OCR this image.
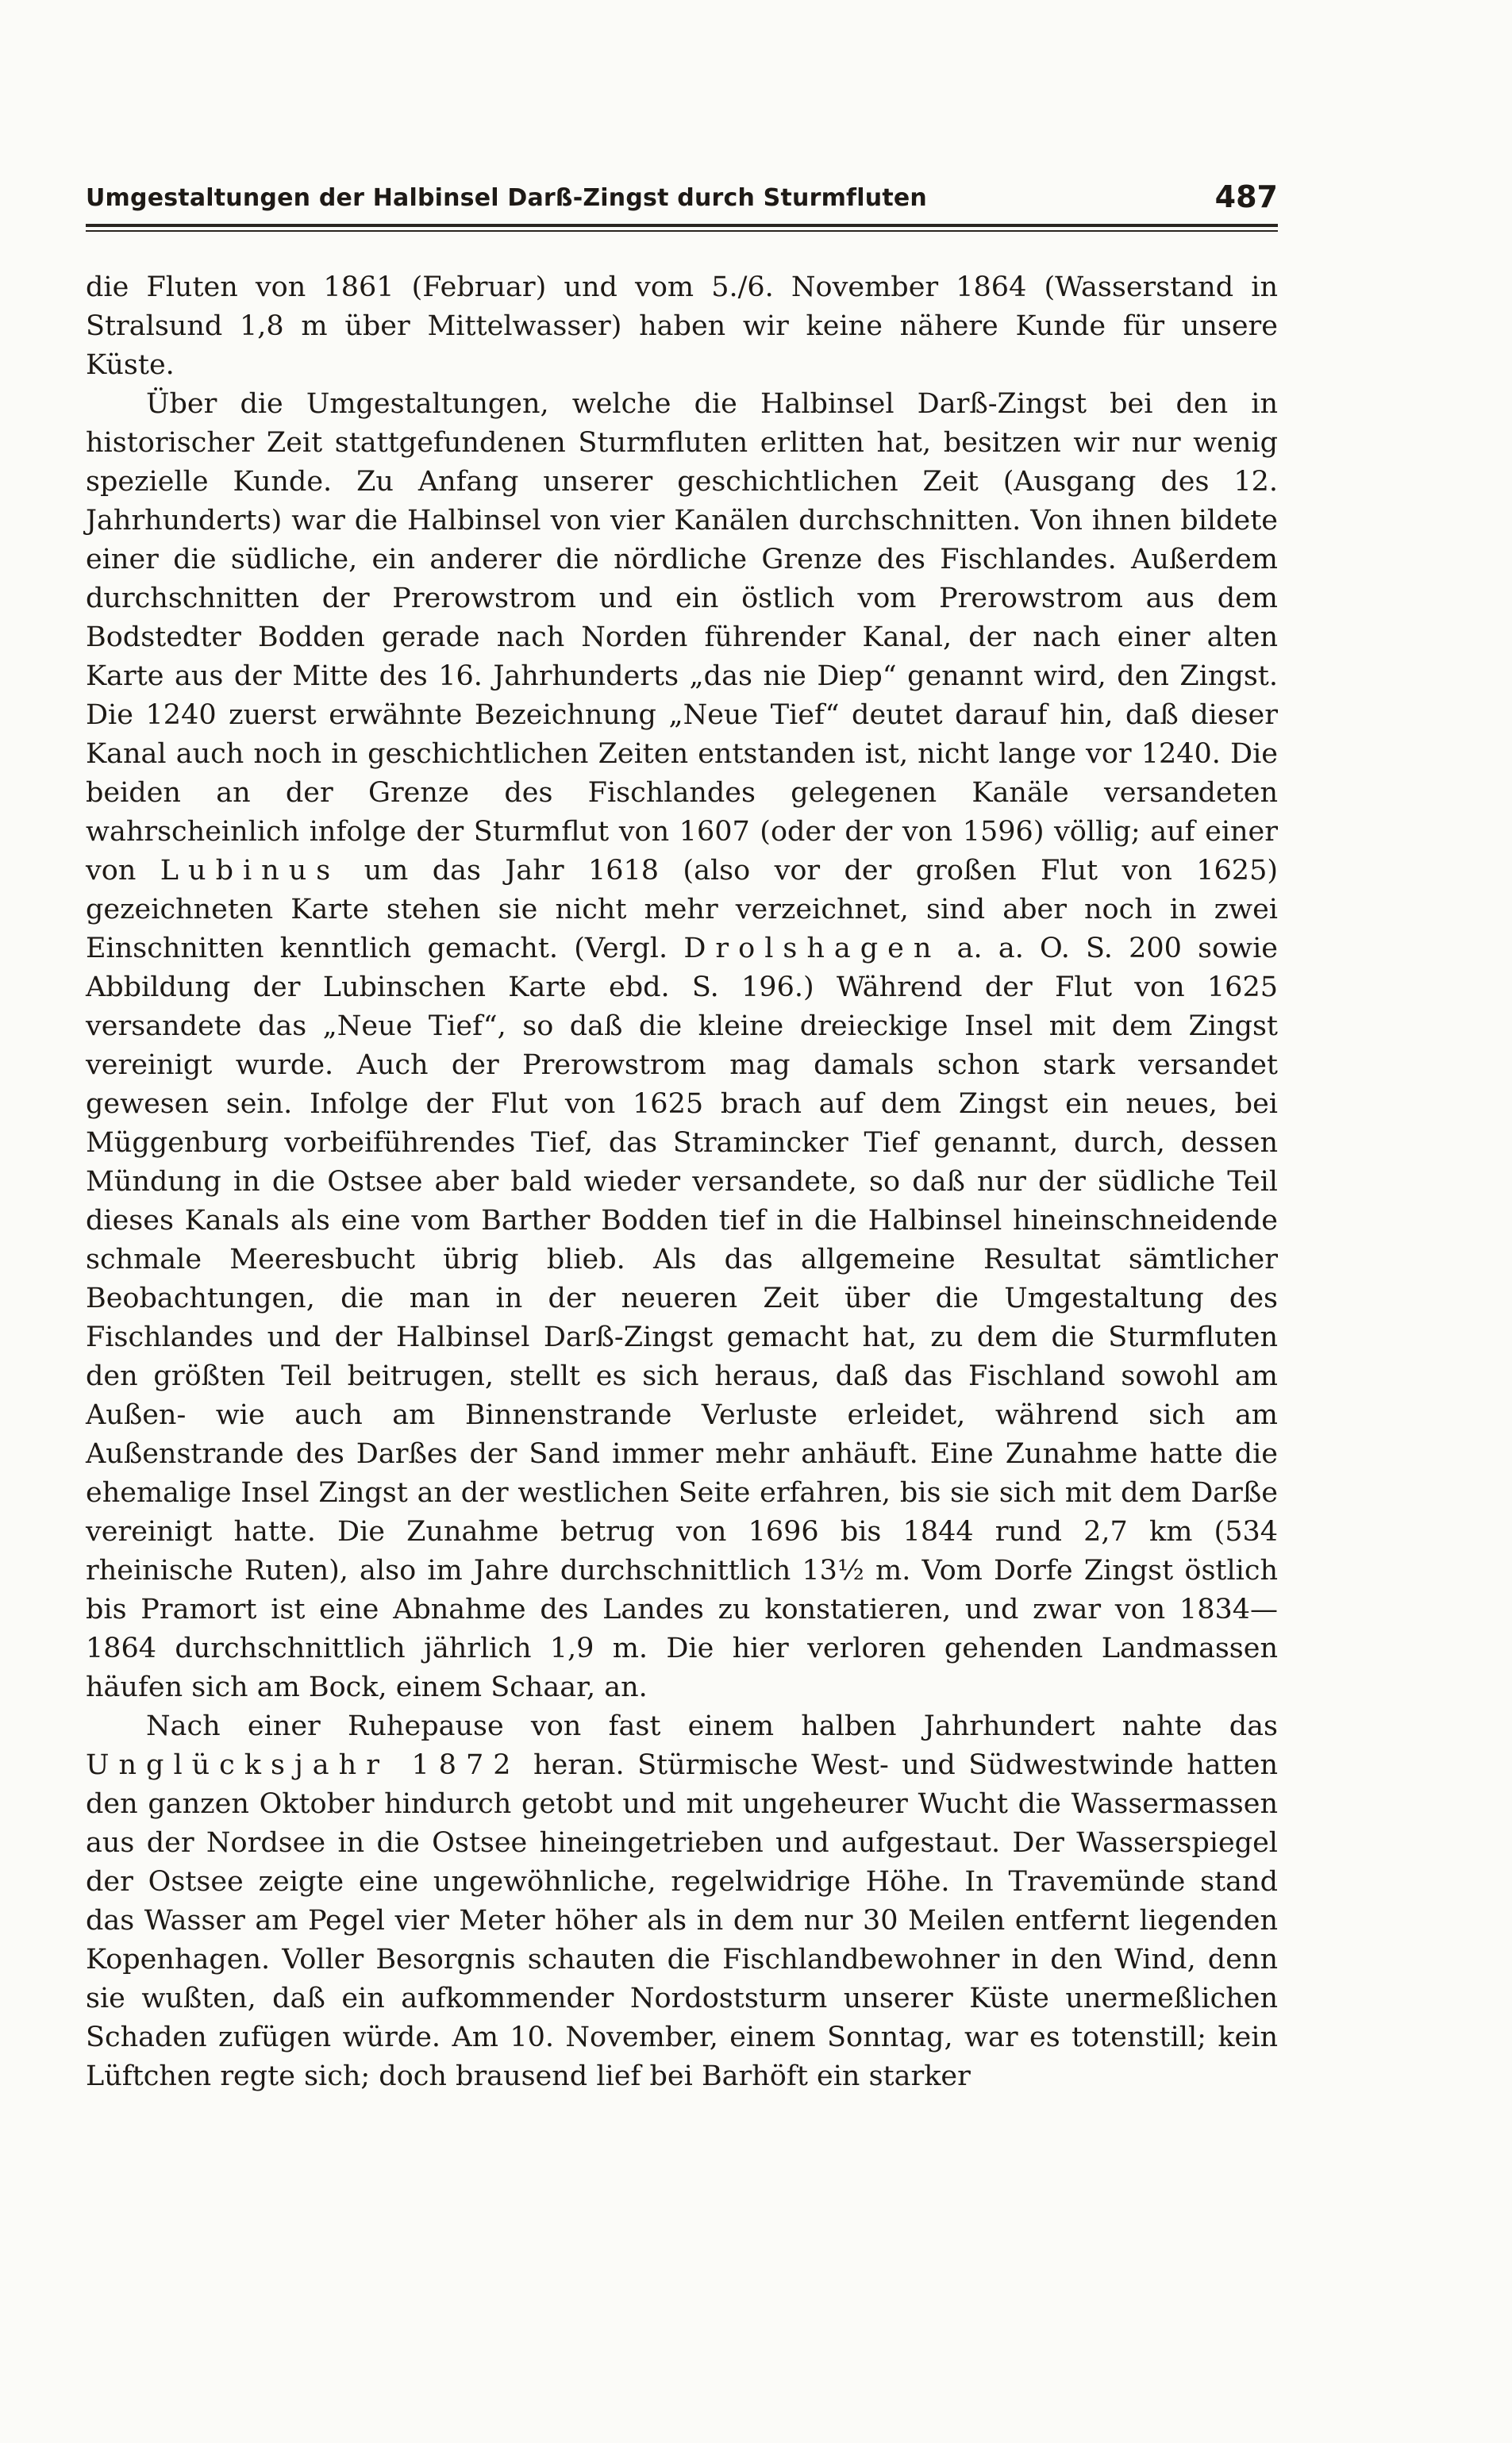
Umgestaltungen der Halbinsel Darß-Zingst durch Sturmfluten	487

die Fluten von 1861 (Februar) und vom 5./6. November 1864 (Wasserstand in Stralsund 1,8 m über Mittelwasser) haben wir keine nähere Kunde für unsere Küste.

Über die Umgestaltungen, welche die Halbinsel Darß-Zingst bei den in historischer Zeit stattgefundenen Sturmfluten erlitten hat, besitzen wir nur wenig spezielle Kunde. Zu Anfang unserer geschichtlichen Zeit (Ausgang des 12. Jahrhunderts) war die Halbinsel von vier Kanälen durchschnitten. Von ihnen bildete einer die südliche, ein anderer die nördliche Grenze des Fischlandes. Außerdem durchschnitten der Prerowstrom und ein östlich vom Prerowstrom aus dem Bodstedter Bodden gerade nach Norden führender Kanal, der nach einer alten Karte aus der Mitte des 16. Jahrhunderts „das nie Diep“ genannt wird, den Zingst. Die 1240 zuerst erwähnte Bezeichnung „Neue Tief“ deutet darauf hin, daß dieser Kanal auch noch in geschichtlichen Zeiten entstanden ist, nicht lange vor 1240. Die beiden an der Grenze des Fischlandes gelegenen Kanäle versandeten wahrscheinlich infolge der Sturmflut von 1607 (oder der von 1596) völlig; auf einer von Lubinus um das Jahr 1618 (also vor der großen Flut von 1625) gezeichneten Karte stehen sie nicht mehr verzeichnet, sind aber noch in zwei Einschnitten kenntlich gemacht. (Vergl. Drolshagen a. a. O. S. 200 sowie Abbildung der Lubinschen Karte ebd. S. 196.) Während der Flut von 1625 versandete das „Neue Tief“, so daß die kleine dreieckige Insel mit dem Zingst vereinigt wurde. Auch der Prerowstrom mag damals schon stark versandet gewesen sein. Infolge der Flut von 1625 brach auf dem Zingst ein neues, bei Müggenburg vorbeiführendes Tief, das Straminсker Tief genannt, durch, dessen Mündung in die Ostsee aber bald wieder versandete, so daß nur der südliche Teil dieses Kanals als eine vom Barther Bodden tief in die Halbinsel hineinschneidende schmale Meeresbucht übrig blieb. Als das allgemeine Resultat sämtlicher Beobachtungen, die man in der neueren Zeit über die Umgestaltung des Fischlandes und der Halbinsel Darß-Zingst gemacht hat, zu dem die Sturmfluten den größten Teil beitrugen, stellt es sich heraus, daß das Fischland sowohl am Außen- wie auch am Binnenstrande Verluste erleidet, während sich am Außenstrande des Darßes der Sand immer mehr anhäuft. Eine Zunahme hatte die ehemalige Insel Zingst an der westlichen Seite erfahren, bis sie sich mit dem Darße vereinigt hatte. Die Zunahme betrug von 1696 bis 1844 rund 2,7 km (534 rheinische Ruten), also im Jahre durchschnittlich 13½ m. Vom Dorfe Zingst östlich bis Pramort ist eine Abnahme des Landes zu konstatieren, und zwar von 1834—1864 durchschnittlich jährlich 1,9 m. Die hier verloren gehenden Landmassen häufen sich am Bock, einem Schaar, an.

Nach einer Ruhepause von fast einem halben Jahrhundert nahte das Unglücksjahr 1872 heran. Stürmische West- und Südwestwinde hatten den ganzen Oktober hindurch getobt und mit ungeheurer Wucht die Wassermassen aus der Nordsee in die Ostsee hineingetrieben und aufgestaut. Der Wasserspiegel der Ostsee zeigte eine ungewöhnliche, regelwidrige Höhe. In Travemünde stand das Wasser am Pegel vier Meter höher als in dem nur 30 Meilen entfernt liegenden Kopenhagen. Voller Besorgnis schauten die Fischlandbewohner in den Wind, denn sie wußten, daß ein aufkommender Nordoststurm unserer Küste unermeßlichen Schaden zufügen würde. Am 10. November, einem Sonntag, war es totenstill; kein Lüftchen regte sich; doch brausend lief bei Barhöft ein starker
